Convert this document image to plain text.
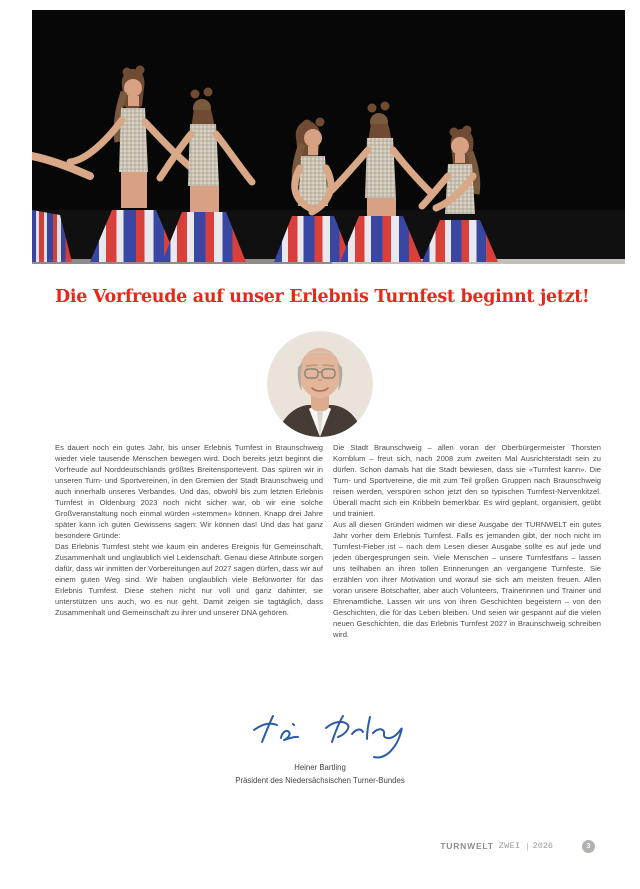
Die Vorfreude auf unser Erlebnis Turnfest beginnt jetzt!

Es dauert noch ein gutes Jahr, bis unser Erlebnis Turnfest in Braunschweig wieder viele tausende Menschen bewegen wird. Doch bereits jetzt beginnt die Vorfreude auf Norddeutschlands größtes Breitensportevent. Das spüren wir in unseren Turn- und Sportvereinen, in den Gremien der Stadt Braunschweig und auch innerhalb unseres Verbandes. Und das, obwohl bis zum letzten Erlebnis Turnfest in Oldenburg 2023 noch nicht sicher war, ob wir eine solche Großveranstaltung noch einmal würden «stemmen» können. Knapp drei Jahre später kann ich guten Gewissens sagen: Wir können das! Und das hat ganz besondere Gründe:

Das Erlebnis Turnfest steht wie kaum ein anderes Ereignis für Gemeinschaft, Zusammenhalt und unglaublich viel Leidenschaft. Genau diese Attribute sorgen dafür, dass wir inmitten der Vorbereitungen auf 2027 sagen dürfen, dass wir auf einem guten Weg sind. Wir haben unglaublich viele Befürworter für das Erlebnis Turnfest. Diese stehen nicht nur voll und ganz dahinter, sie unterstützen uns auch, wo es nur geht. Damit zeigen sie tagtäglich, dass Zusammenhalt und Gemeinschaft zu ihrer und unserer DNA gehören.

Die Stadt Braunschweig – allen voran der Oberbürgermeister Thorsten Kornblum – freut sich, nach 2008 zum zweiten Mal Ausrichterstadt sein zu dürfen. Schon damals hat die Stadt bewiesen, dass sie «Turnfest kann». Die Turn- und Sportvereine, die mit zum Teil großen Gruppen nach Braunschweig reisen werden, verspüren schon jetzt den so typischen Turnfest-Nervenkitzel. Überall macht sich ein Kribbeln bemerkbar. Es wird geplant, organisiert, geübt und trainiert.

Aus all diesen Gründen widmen wir diese Ausgabe der TURNWELT ein gutes Jahr vorher dem Erlebnis Turnfest. Falls es jemanden gibt, der noch nicht im Turnfest-Fieber ist – nach dem Lesen dieser Ausgabe sollte es auf jede und jeden übergesprungen sein. Viele Menschen – unsere Turnfestfans – lassen uns teilhaben an ihren tollen Erinnerungen an vergangene Turnfeste. Sie erzählen von ihrer Motivation und worauf sie sich am meisten freuen. Allen voran unsere Botschafter, aber auch Volunteers, Trainerinnen und Trainer und Ehrenamtliche. Lassen wir uns von ihren Geschichten begeistern – von den Geschichten, die für das Leben bleiben. Und seien wir gespannt auf die vielen neuen Geschichten, die das Erlebnis Turnfest 2027 in Braunschweig schreiben wird.

Heiner Bartling
Präsident des Niedersächsischen Turner-Bundes
TURNWELT ZWEI | 2026	3
